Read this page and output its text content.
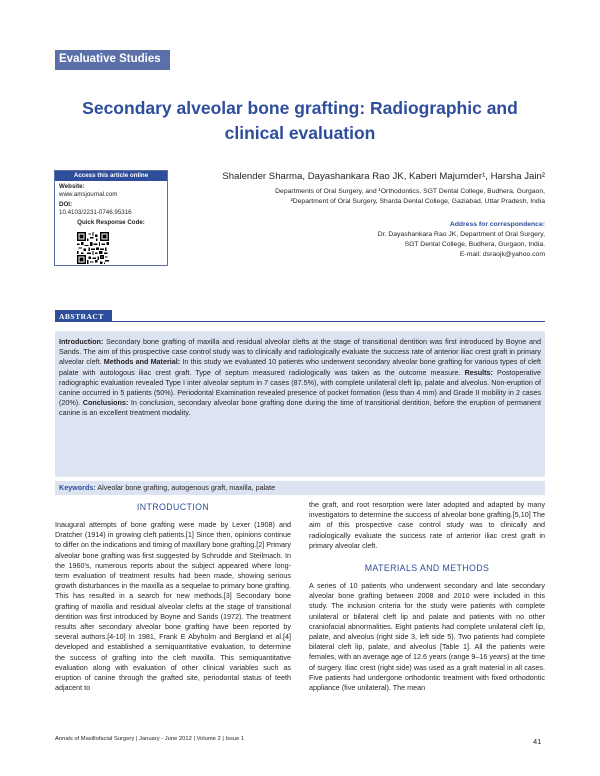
Evaluative Studies
Secondary alveolar bone grafting: Radiographic and
clinical evaluation
Access this article online
Website:
www.amsjournal.com
DOI:
10.4103/2231-0746.95316
Quick Response Code:
Shalender Sharma, Dayashankara Rao JK, Kaberi Majumder¹, Harsha Jain²
Departments of Oral Surgery, and ¹Orthodontics, SGT Dental College, Budhera, Gurgaon,
²Department of Oral Surgery, Sharda Dental College, Gaziabad, Uttar Pradesh, India
Address for correspondence:
Dr. Dayashankara Rao JK, Department of Oral Surgery,
SGT Dental College, Budhera, Gurgaon, India.
E-mail: dsraojk@yahoo.com
ABSTRACT
Introduction: Secondary bone grafting of maxilla and residual alveolar clefts at the stage of transitional dentition was first introduced by Boyne and Sands. The aim of this prospective case control study was to clinically and radiologically evaluate the success rate of anterior iliac crest graft in primary alveolar cleft. Methods and Material: In this study we evaluated 10 patients who underwent secondary alveolar bone grafting for various types of cleft palate with autologous iliac crest graft. Type of septum measured radiologically was taken as the outcome measure. Results: Postoperative radiographic evaluation revealed Type I inter alveolar septum in 7 cases (87.5%), with complete unilateral cleft lip, palate and alveolus. Non-eruption of canine occurred in 5 patients (50%). Periodontal Examination revealed presence of pocket formation (less than 4 mm) and Grade II mobility in 2 cases (20%). Conclusions: In conclusion, secondary alveolar bone grafting done during the time of transitional dentition, before the eruption of permanent canine is an excellent treatment modality.
Keywords: Alveolar bone grafting, autogenous graft, maxilla, palate
INTRODUCTION

Inaugural attempts of bone grafting were made by Lexer (1908) and Dratcher (1914) in growing cleft patients.[1] Since then, opinions continue to differ on the indications and timing of maxillary bone grafting.[2] Primary alveolar bone grafting was first suggested by Schrudde and Steilmach. In the 1960's, numerous reports about the subject appeared where long-term evaluation of treatment results had been made, showing serious growth disturbances in the maxilla as a sequelae to primary bone grafting. This has resulted in a search for new methods.[3] Secondary bone grafting of maxilla and residual alveolar clefts at the stage of transitional dentition was first introduced by Boyne and Sands (1972). The treatment results after secondary alveolar bone grafting have been reported by several authors.[4-10] In 1981, Frank E Abyholm and Bergland et al.[4] developed and established a semiquantitative evaluation, to determine the success of grafting into the cleft maxilla. This semiquantitative evaluation along with evaluation of other clinical variables such as eruption of canine through the grafted site, periodontal status of teeth adjacent to

the graft, and root resorption were later adopted and adapted by many investigators to determine the success of alveolar bone grafting.[5,10] The aim of this prospective case control study was to clinically and radiologically evaluate the success rate of anterior iliac crest graft in primary alveolar cleft.

MATERIALS AND METHODS

A series of 10 patients who underwent secondary and late secondary alveolar bone grafting between 2008 and 2010 were included in this study. The inclusion criteria for the study were patients with complete unilateral or bilateral cleft lip and palate and patients with no other craniofacial abnormalities. Eight patients had complete unilateral cleft lip, palate, and alveolus (right side 3, left side 5). Two patients had complete bilateral cleft lip, palate, and alveolus [Table 1]. All the patients were females, with an average age of 12.6 years (range 9–16 years) at the time of surgery. Iliac crest (right side) was used as a graft material in all cases. Five patients had undergone orthodontic treatment with fixed orthodontic appliance (five unilateral). The mean

Annals of Maxillofacial Surgery | January - June 2012 | Volume 2 | Issue 1	41
